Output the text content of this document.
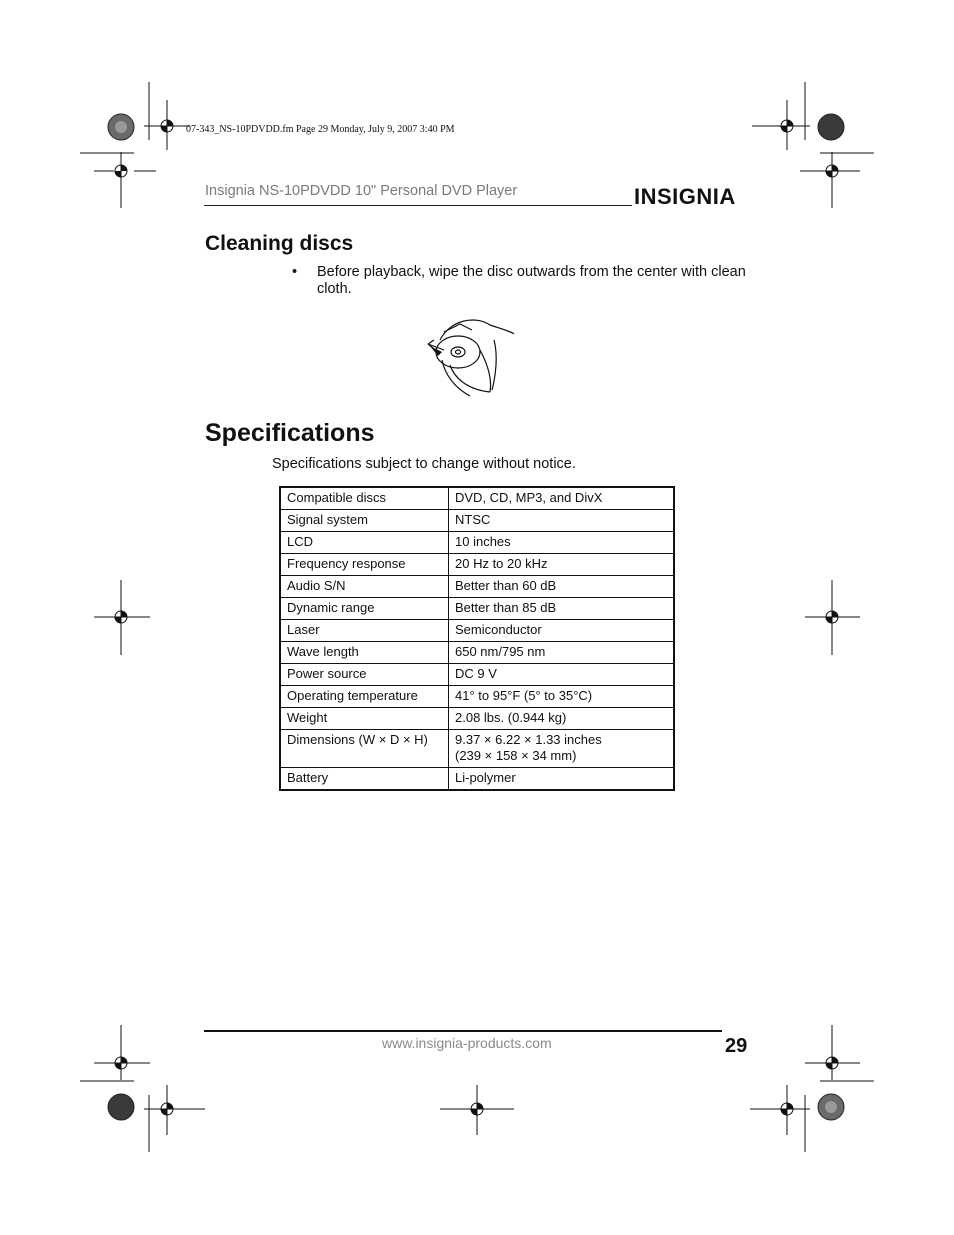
07-343_NS-10PDVDD.fm Page 29 Monday, July 9, 2007 3:40 PM
Insignia NS-10PDVDD 10" Personal DVD Player	INSIGNIA
Cleaning discs
• Before playback, wipe the disc outwards from the center with clean cloth.
Specifications
Specifications subject to change without notice.
Compatible discs	DVD, CD, MP3, and DivX
Signal system	NTSC
LCD	10 inches
Frequency response	20 Hz to 20 kHz
Audio S/N	Better than 60 dB
Dynamic range	Better than 85 dB
Laser	Semiconductor
Wave length	650 nm/795 nm
Power source	DC 9 V
Operating temperature	41° to 95°F (5° to 35°C)
Weight	2.08 lbs. (0.944 kg)
Dimensions (W × D × H)	9.37 × 6.22 × 1.33 inches
(239 × 158 × 34 mm)

Battery	Li-polymer
www.insignia-products.com	29
